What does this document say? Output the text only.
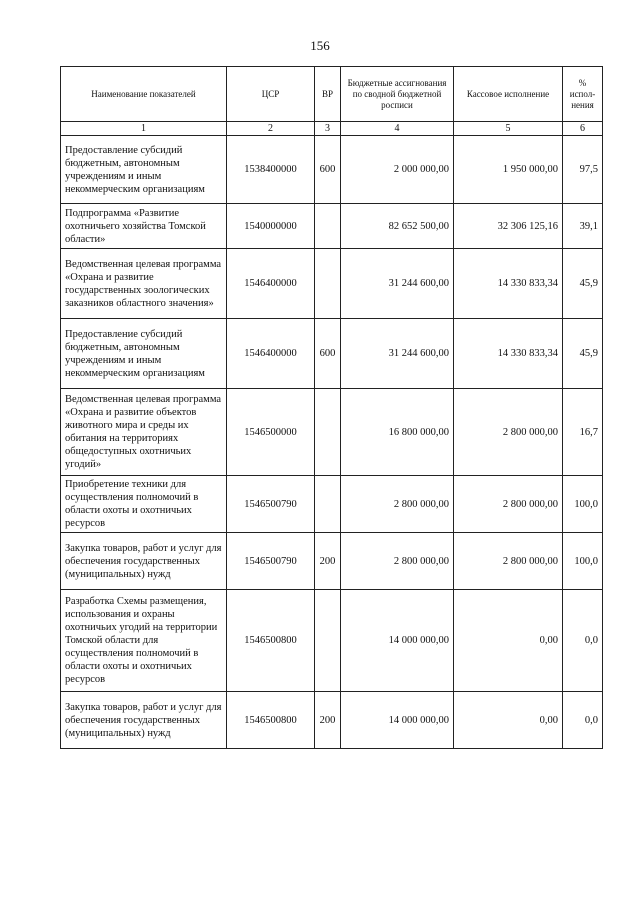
156
Наименование показателей	ЦСР	ВР	Бюджетные ассигнования по сводной бюджетной росписи	Кассовое исполнение	% испол-нения
1	2	3	4	5	6
Предоставление субсидий бюджетным, автономным учреждениям и иным некоммерческим организациям	1538400000	600	2 000 000,00	1 950 000,00	97,5
Подпрограмма «Развитие охотничьего хозяйства Томской области»	1540000000		82 652 500,00	32 306 125,16	39,1
Ведомственная целевая программа «Охрана и развитие государственных зоологических заказников областного значения»	1546400000		31 244 600,00	14 330 833,34	45,9
Предоставление субсидий бюджетным, автономным учреждениям и иным некоммерческим организациям	1546400000	600	31 244 600,00	14 330 833,34	45,9
Ведомственная целевая программа «Охрана и развитие объектов животного мира и среды их обитания на территориях общедоступных охотничьих угодий»	1546500000		16 800 000,00	2 800 000,00	16,7
Приобретение техники для осуществления полномочий в области охоты и охотничьих ресурсов	1546500790		2 800 000,00	2 800 000,00	100,0
Закупка товаров, работ и услуг для обеспечения государственных (муниципальных) нужд	1546500790	200	2 800 000,00	2 800 000,00	100,0
Разработка Схемы размещения, использования и охраны охотничьих угодий на территории Томской области для осуществления полномочий в области охоты и охотничьих ресурсов	1546500800		14 000 000,00	0,00	0,0
Закупка товаров, работ и услуг для обеспечения государственных (муниципальных) нужд	1546500800	200	14 000 000,00	0,00	0,0
